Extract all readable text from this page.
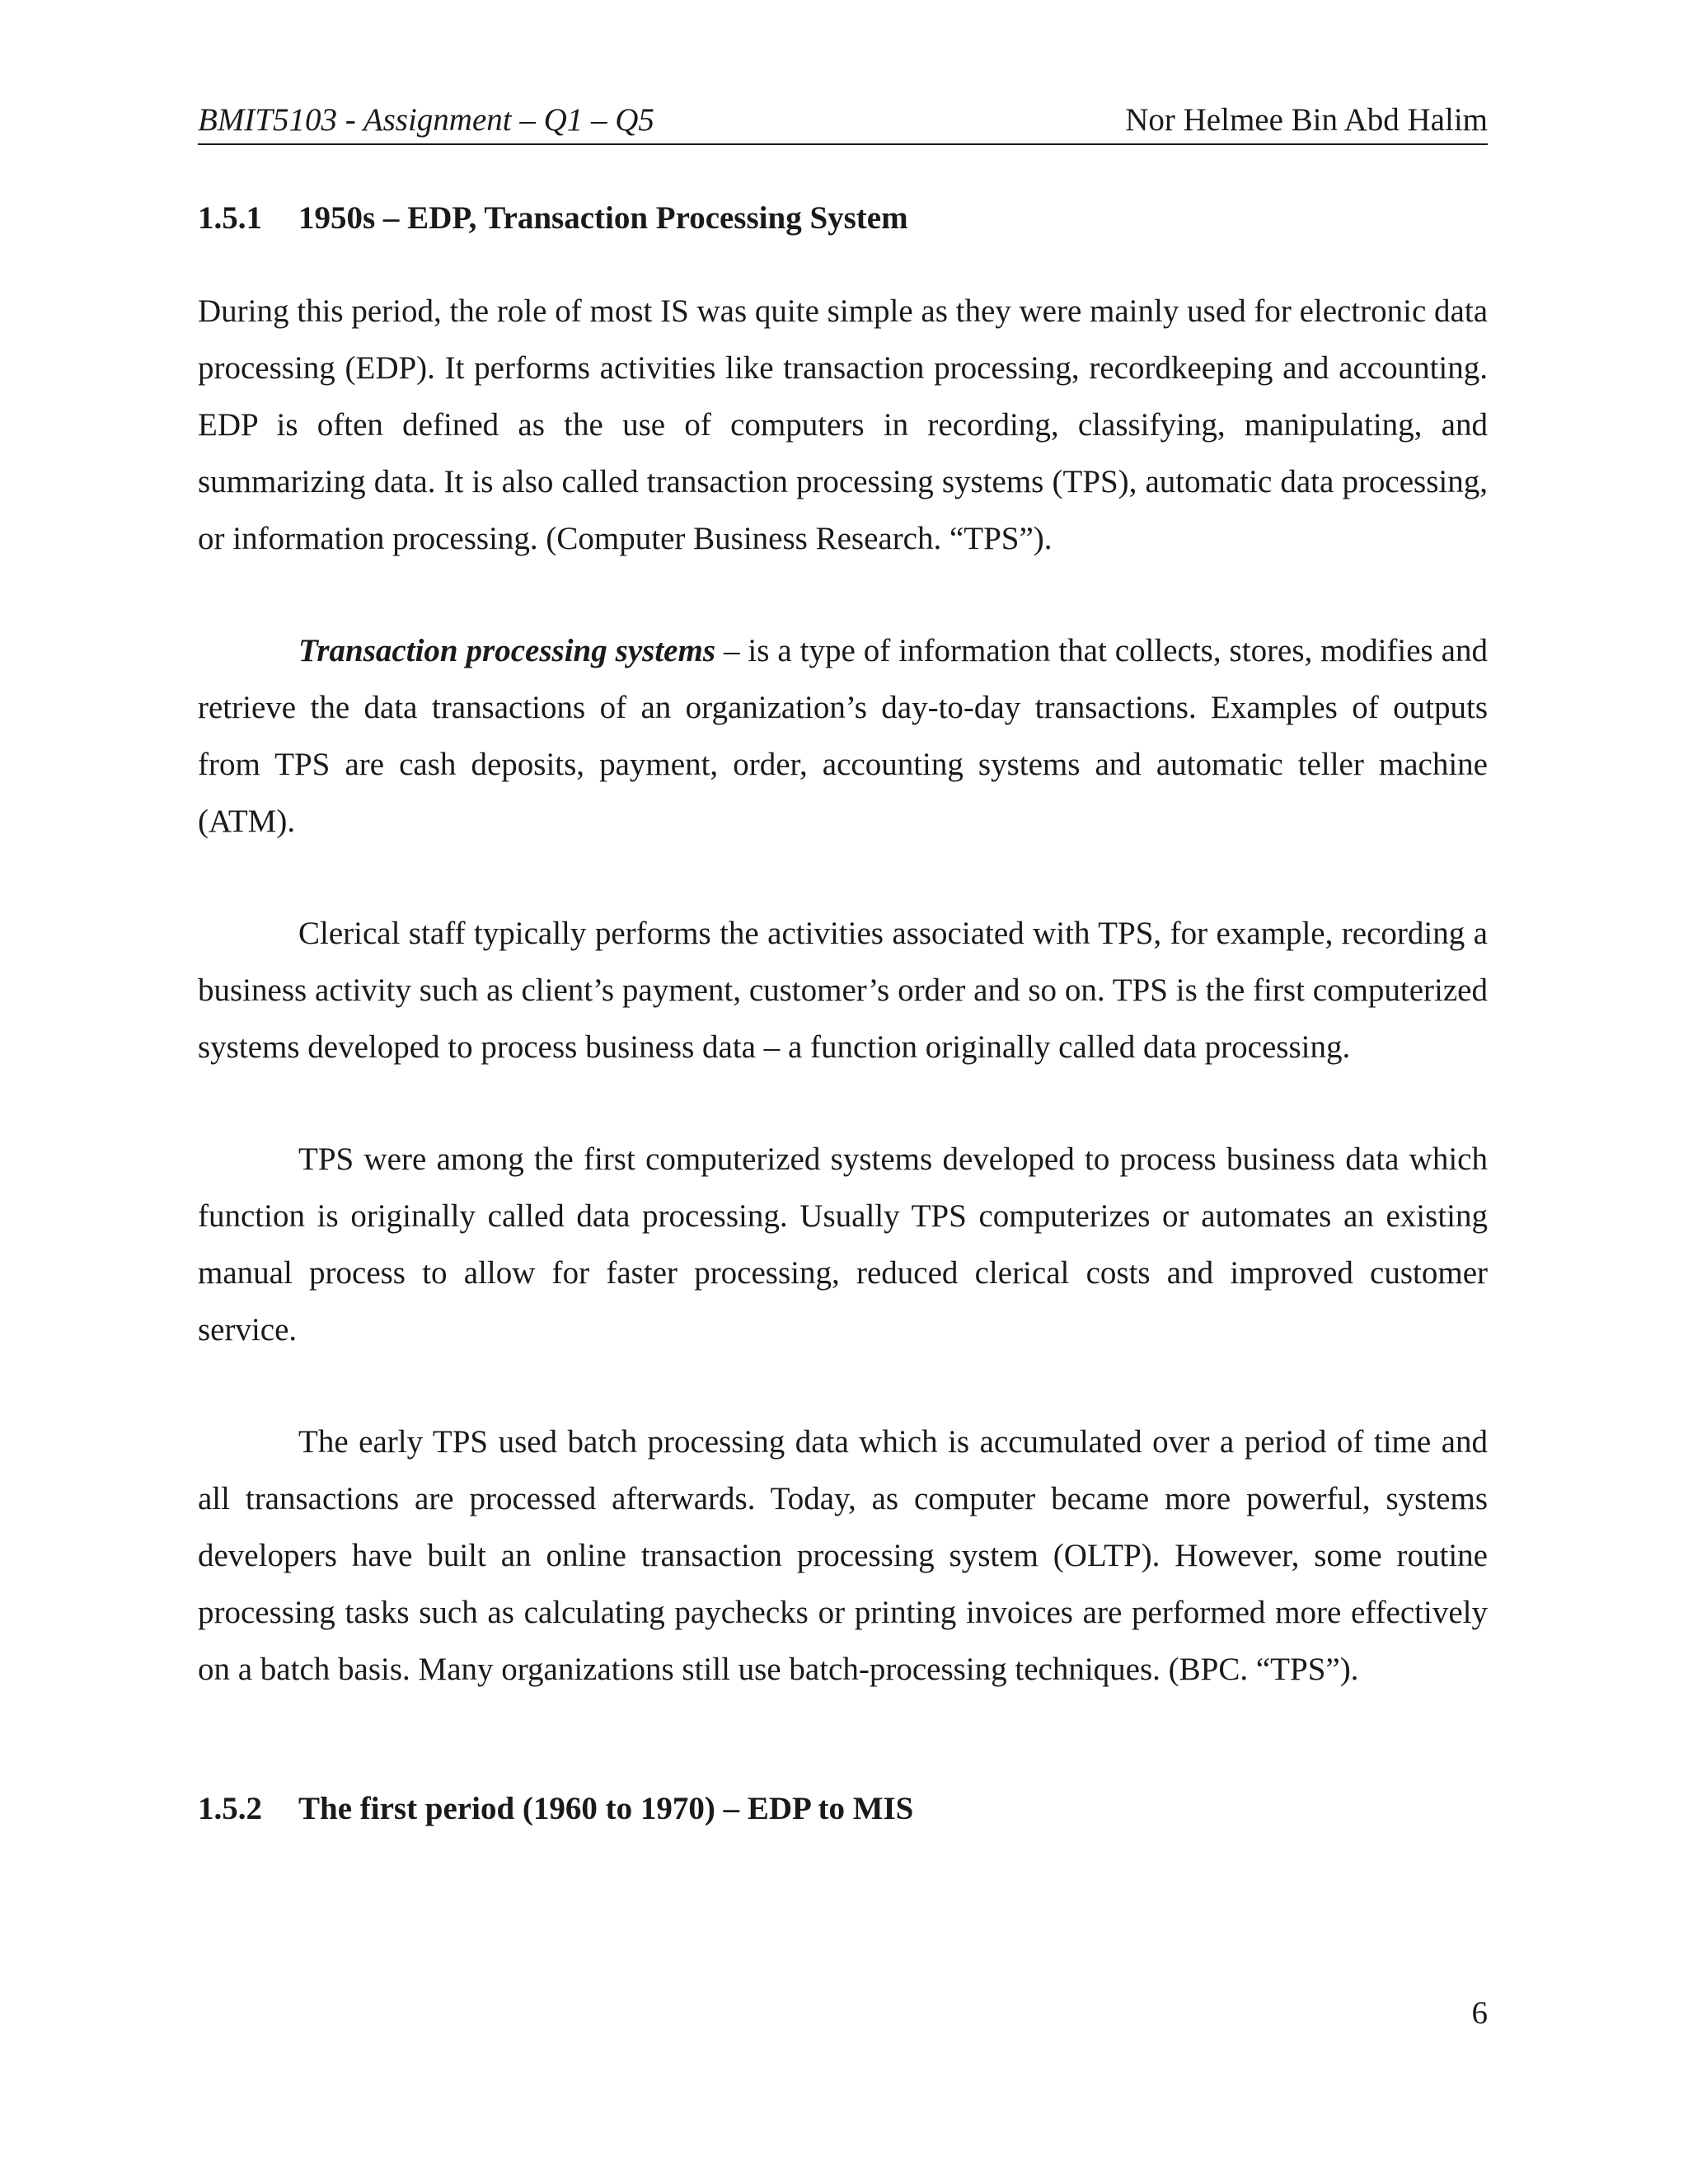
BMIT5103 - Assignment – Q1 – Q5	Nor Helmee Bin Abd Halim
1.5.1 1950s – EDP, Transaction Processing System

During this period, the role of most IS was quite simple as they were mainly used for electronic data processing (EDP). It performs activities like transaction processing, recordkeeping and accounting. EDP is often defined as the use of computers in recording, classifying, manipulating, and summarizing data. It is also called transaction processing systems (TPS), automatic data processing, or information processing. (Computer Business Research. “TPS”).

Transaction processing systems – is a type of information that collects, stores, modifies and retrieve the data transactions of an organization’s day-to-day transactions. Examples of outputs from TPS are cash deposits, payment, order, accounting systems and automatic teller machine (ATM).

Clerical staff typically performs the activities associated with TPS, for example, recording a business activity such as client’s payment, customer’s order and so on. TPS is the first computerized systems developed to process business data – a function originally called data processing.

TPS were among the first computerized systems developed to process business data which function is originally called data processing. Usually TPS computerizes or automates an existing manual process to allow for faster processing, reduced clerical costs and improved customer service.

The early TPS used batch processing data which is accumulated over a period of time and all transactions are processed afterwards. Today, as computer became more powerful, systems developers have built an online transaction processing system (OLTP). However, some routine processing tasks such as calculating paychecks or printing invoices are performed more effectively on a batch basis. Many organizations still use batch-processing techniques. (BPC. “TPS”).

1.5.2 The first period (1960 to 1970) – EDP to MIS
6
